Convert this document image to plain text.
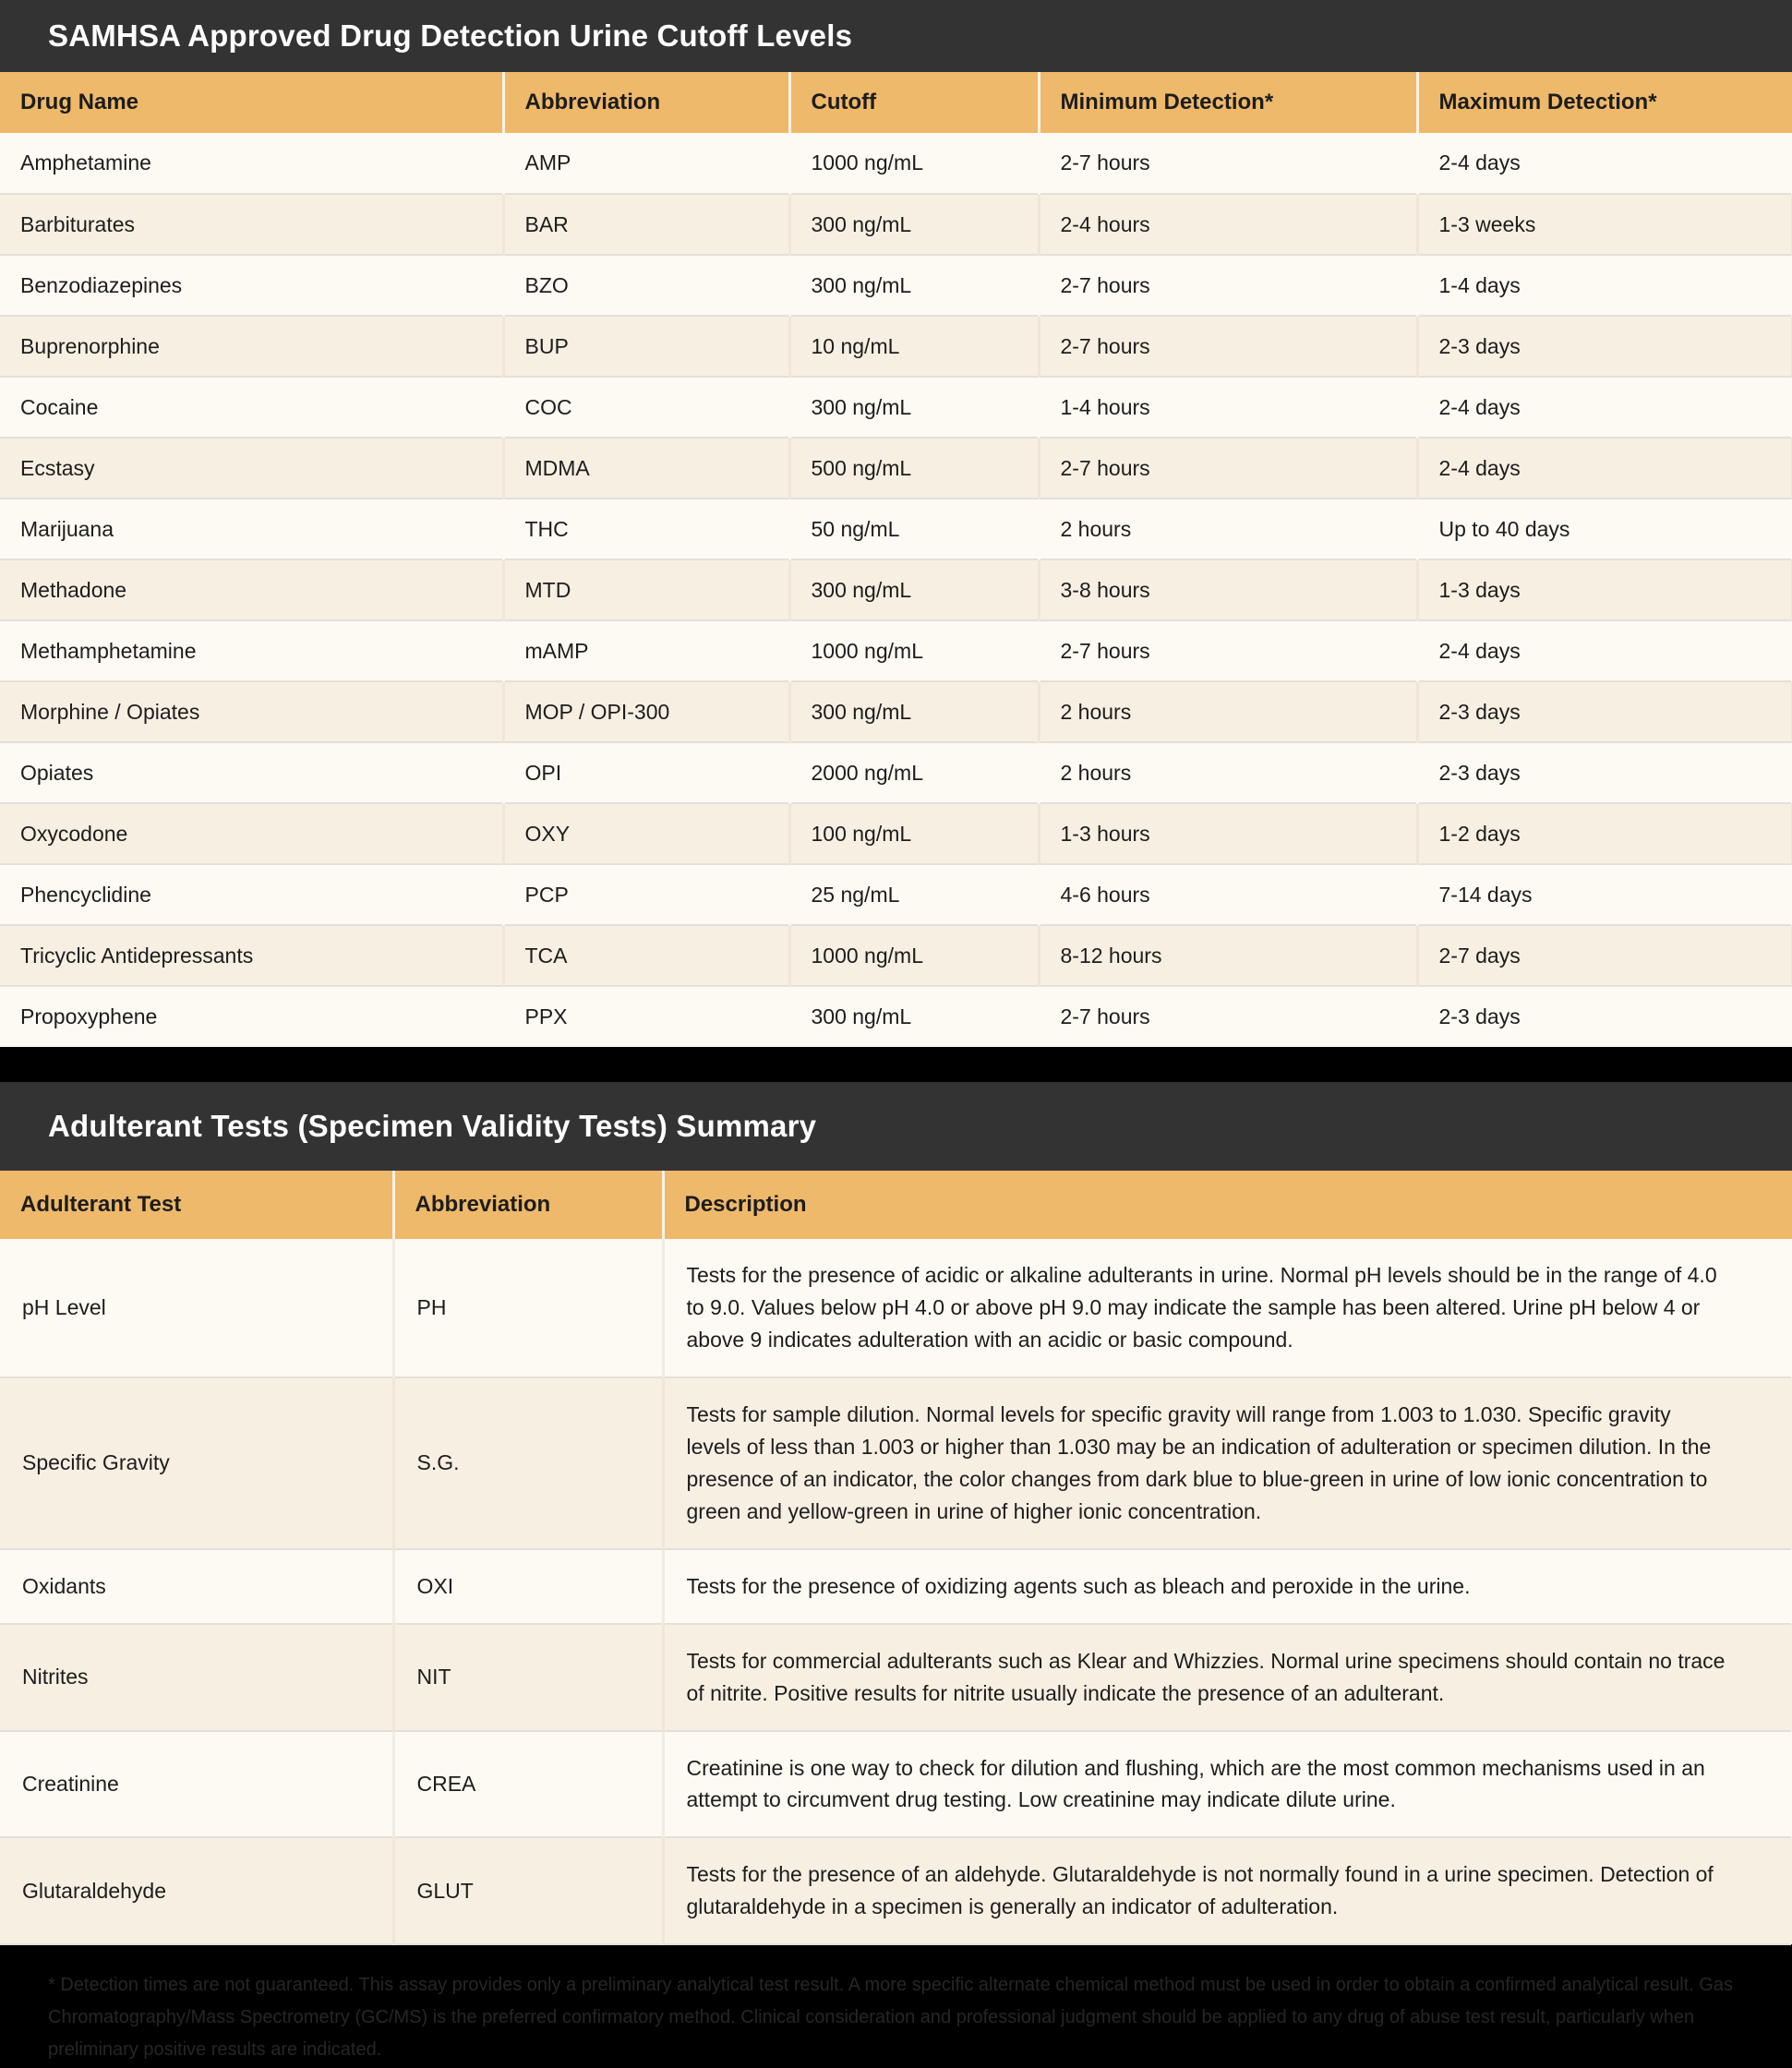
SAMHSA Approved Drug Detection Urine Cutoff Levels
Drug Name	Abbreviation	Cutoff	Minimum Detection*	Maximum Detection*
Amphetamine	AMP	1000 ng/mL	2-7 hours	2-4 days
Barbiturates	BAR	300 ng/mL	2-4 hours	1-3 weeks
Benzodiazepines	BZO	300 ng/mL	2-7 hours	1-4 days
Buprenorphine	BUP	10 ng/mL	2-7 hours	2-3 days
Cocaine	COC	300 ng/mL	1-4 hours	2-4 days
Ecstasy	MDMA	500 ng/mL	2-7 hours	2-4 days
Marijuana	THC	50 ng/mL	2 hours	Up to 40 days
Methadone	MTD	300 ng/mL	3-8 hours	1-3 days
Methamphetamine	mAMP	1000 ng/mL	2-7 hours	2-4 days
Morphine / Opiates	MOP / OPI-300	300 ng/mL	2 hours	2-3 days
Opiates	OPI	2000 ng/mL	2 hours	2-3 days
Oxycodone	OXY	100 ng/mL	1-3 hours	1-2 days
Phencyclidine	PCP	25 ng/mL	4-6 hours	7-14 days
Tricyclic Antidepressants	TCA	1000 ng/mL	8-12 hours	2-7 days
Propoxyphene	PPX	300 ng/mL	2-7 hours	2-3 days
Adulterant Tests (Specimen Validity Tests) Summary
Adulterant Test	Abbreviation	Description
pH Level	PH	Tests for the presence of acidic or alkaline adulterants in urine. Normal pH levels should be in the range of 4.0 to 9.0. Values below pH 4.0 or above pH 9.0 may indicate the sample has been altered. Urine pH below 4 or above 9 indicates adulteration with an acidic or basic compound.
Specific Gravity	S.G.	Tests for sample dilution. Normal levels for specific gravity will range from 1.003 to 1.030. Specific gravity levels of less than 1.003 or higher than 1.030 may be an indication of adulteration or specimen dilution. In the presence of an indicator, the color changes from dark blue to blue-green in urine of low ionic concentration to green and yellow-green in urine of higher ionic concentration.
Oxidants	OXI	Tests for the presence of oxidizing agents such as bleach and peroxide in the urine.
Nitrites	NIT	Tests for commercial adulterants such as Klear and Whizzies. Normal urine specimens should contain no trace of nitrite. Positive results for nitrite usually indicate the presence of an adulterant.
Creatinine	CREA	Creatinine is one way to check for dilution and flushing, which are the most common mechanisms used in an attempt to circumvent drug testing. Low creatinine may indicate dilute urine.
Glutaraldehyde	GLUT	Tests for the presence of an aldehyde. Glutaraldehyde is not normally found in a urine specimen. Detection of glutaraldehyde in a specimen is generally an indicator of adulteration.
* Detection times are not guaranteed. This assay provides only a preliminary analytical test result. A more specific alternate chemical method must be used in order to obtain a confirmed analytical result. Gas Chromatography/Mass Spectrometry (GC/MS) is the preferred confirmatory method. Clinical consideration and professional judgment should be applied to any drug of abuse test result, particularly when preliminary positive results are indicated.
